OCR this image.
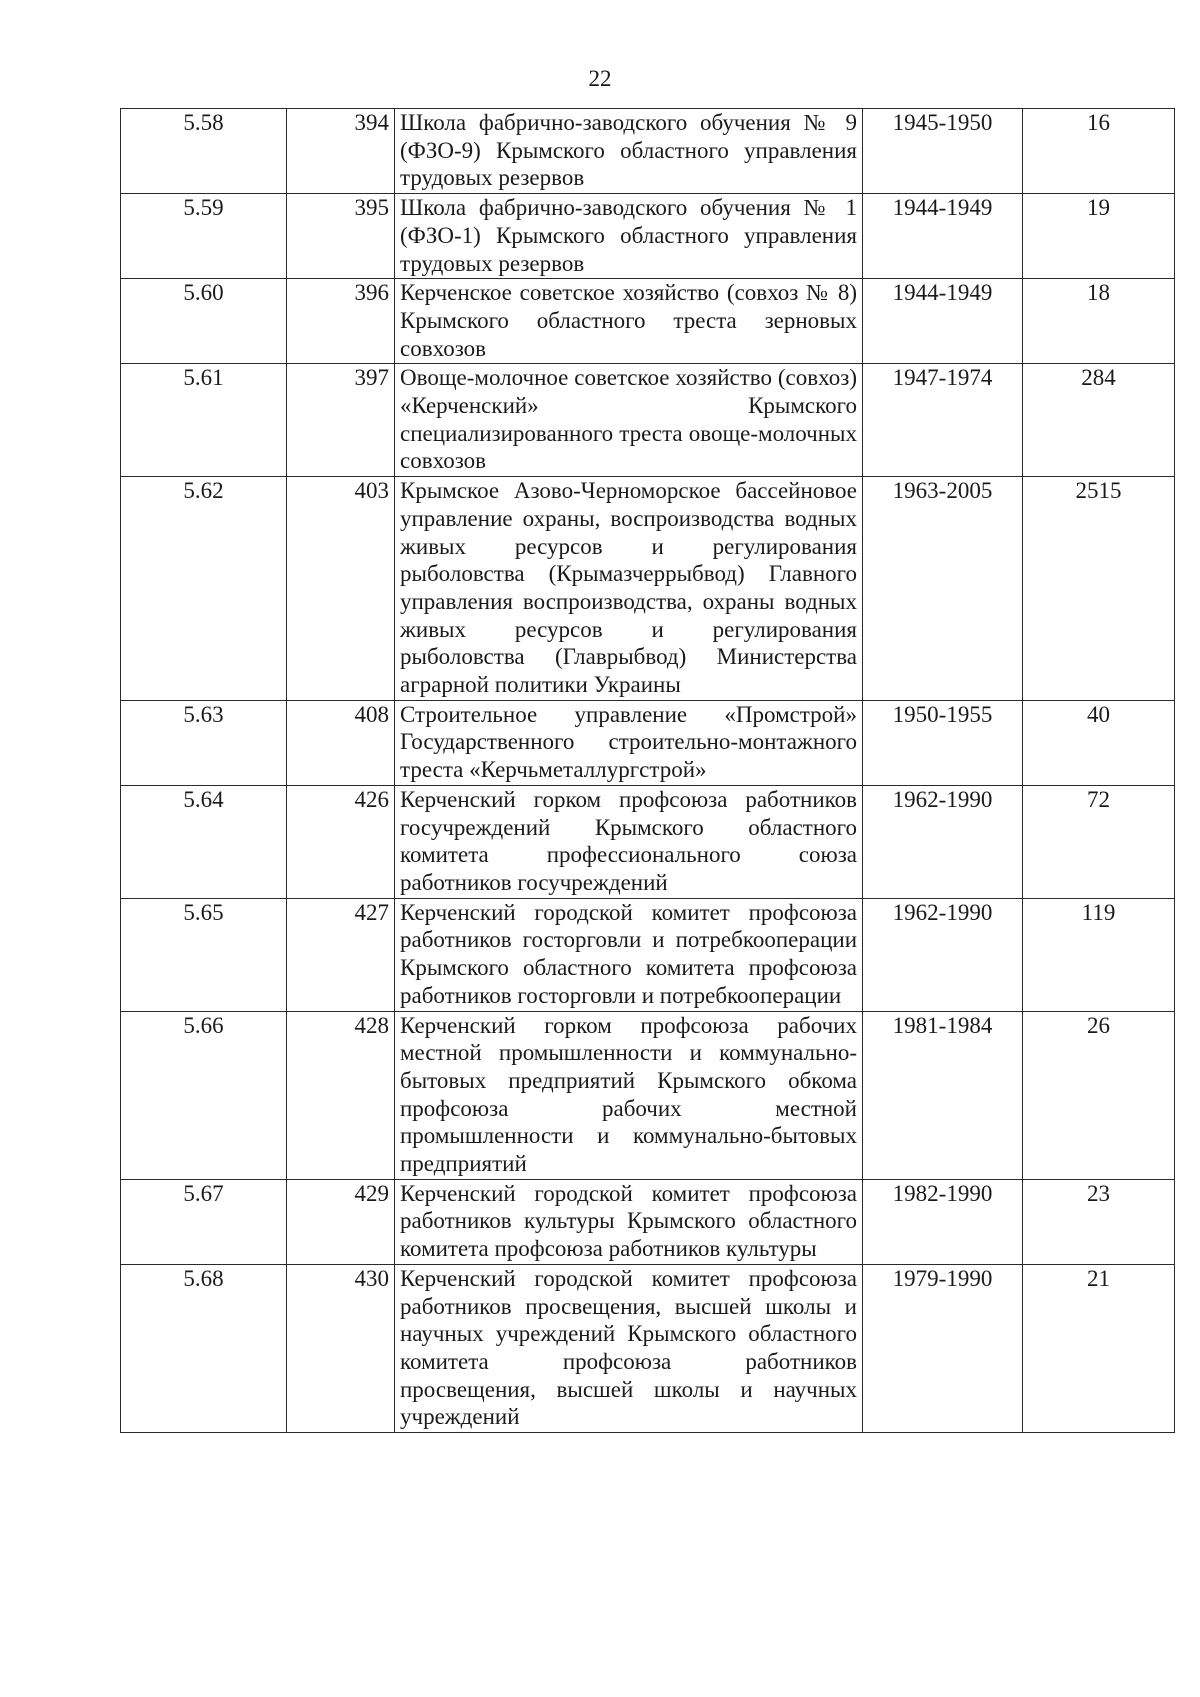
22
5.58	394	Школа фабрично-заводского обучения № 9 (ФЗО-9) Крымского областного управления трудовых резервов	1945-1950	16
5.59	395	Школа фабрично-заводского обучения № 1 (ФЗО-1) Крымского областного управления трудовых резервов	1944-1949	19
5.60	396	Керченское советское хозяйство (совхоз № 8) Крымского областного треста зерновых совхозов	1944-1949	18
5.61	397	Овоще-молочное советское хозяйство (совхоз) «Керченский» Крымского специализированного треста овоще-молочных совхозов	1947-1974	284
5.62	403	Крымское Азово-Черноморское бассейновое управление охраны, воспроизводства водных живых ресурсов и регулирования рыболовства (Крымазчеррыбвод) Главного управления воспроизводства, охраны водных живых ресурсов и регулирования рыболовства (Главрыбвод) Министерства аграрной политики Украины	1963-2005	2515
5.63	408	Строительное управление «Промстрой» Государственного строительно-монтажного треста «Керчьметаллургстрой»	1950-1955	40
5.64	426	Керченский горком профсоюза работников госучреждений Крымского областного комитета профессионального союза работников госучреждений	1962-1990	72
5.65	427	Керченский городской комитет профсоюза работников госторговли и потребкооперации Крымского областного комитета профсоюза работников госторговли и потребкооперации	1962-1990	119
5.66	428	Керченский горком профсоюза рабочих местной промышленности и коммунально-бытовых предприятий Крымского обкома профсоюза рабочих местной промышленности и коммунально-бытовых предприятий	1981-1984	26
5.67	429	Керченский городской комитет профсоюза работников культуры Крымского областного комитета профсоюза работников культуры	1982-1990	23
5.68	430	Керченский городской комитет профсоюза работников просвещения, высшей школы и научных учреждений Крымского областного комитета профсоюза работников просвещения, высшей школы и научных учреждений	1979-1990	21
